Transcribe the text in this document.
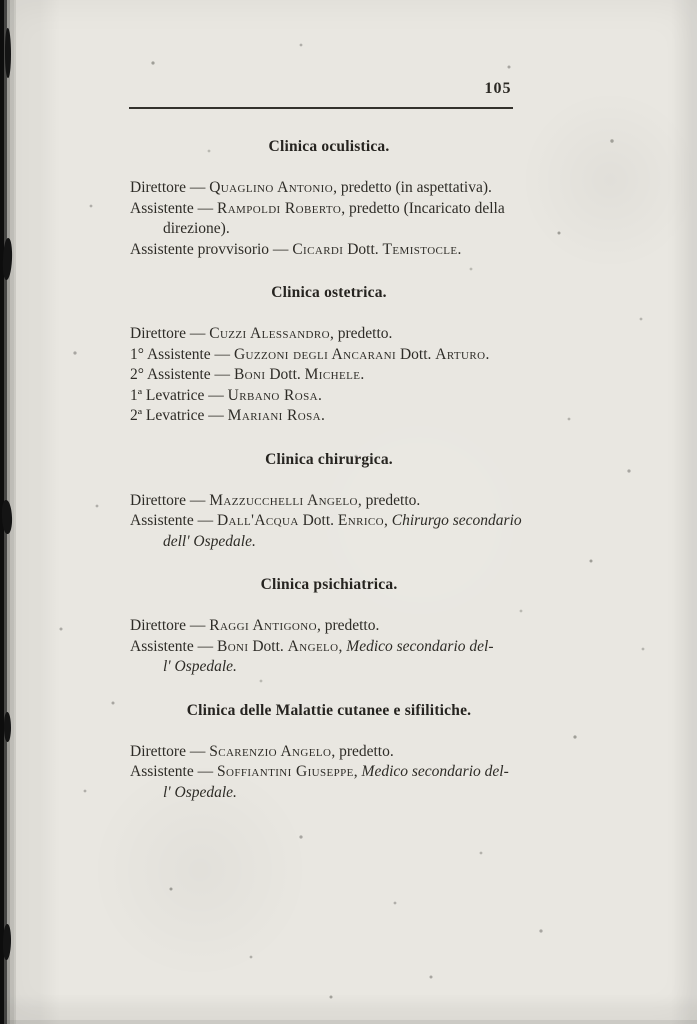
105
Clinica oculistica.
Direttore — Quaglino Antonio, predetto (in aspettativa).
Assistente — Rampoldi Roberto, predetto (Incaricato della
direzione).
Assistente provvisorio — Cicardi Dott. Temistocle.
Clinica ostetrica.
Direttore — Cuzzi Alessandro, predetto.
1° Assistente — Guzzoni degli Ancarani Dott. Arturo.
2° Assistente — Boni Dott. Michele.
1ª Levatrice — Urbano Rosa.
2ª Levatrice — Mariani Rosa.
Clinica chirurgica.
Direttore — Mazzucchelli Angelo, predetto.
Assistente — Dall'Acqua Dott. Enrico, Chirurgo secondario
dell' Ospedale.
Clinica psichiatrica.
Direttore — Raggi Antigono, predetto.
Assistente — Boni Dott. Angelo, Medico secondario del-
l' Ospedale.
Clinica delle Malattie cutanee e sifilitiche.
Direttore — Scarenzio Angelo, predetto.
Assistente — Soffiantini Giuseppe, Medico secondario del-
l' Ospedale.
